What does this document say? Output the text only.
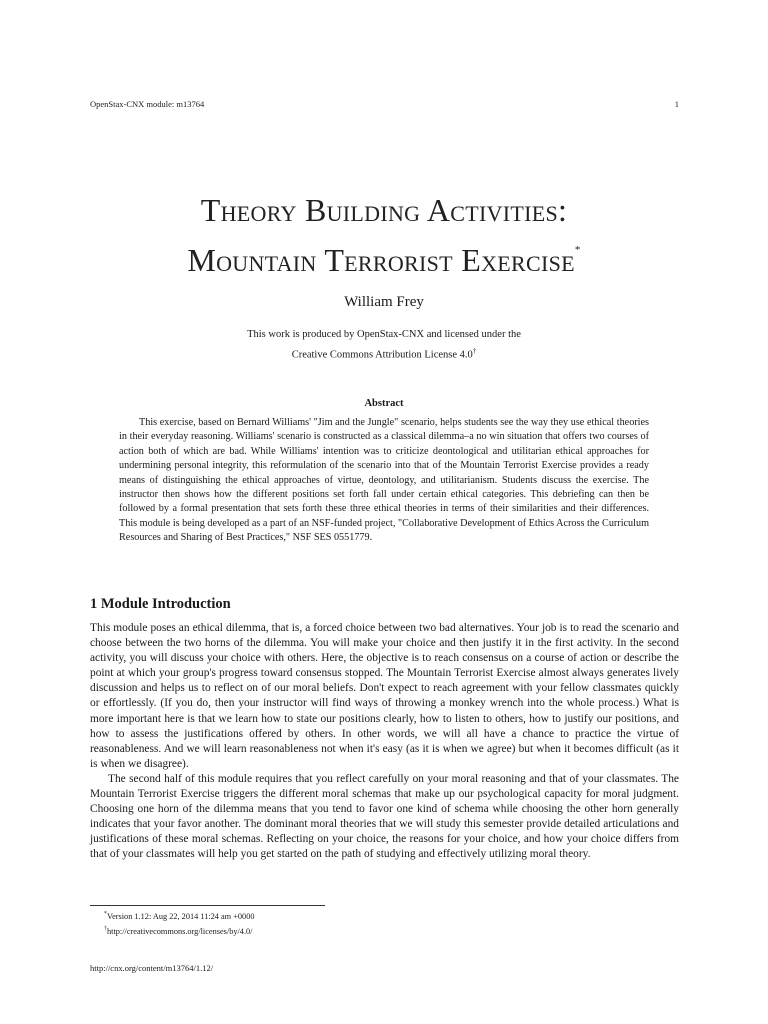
OpenStax-CNX module: m13764	1
Theory Building Activities:
Mountain Terrorist Exercise*
William Frey
This work is produced by OpenStax-CNX and licensed under the
Creative Commons Attribution License 4.0†
Abstract
This exercise, based on Bernard Williams' "Jim and the Jungle" scenario, helps students see the way they use ethical theories in their everyday reasoning. Williams' scenario is constructed as a classical dilemma–a no win situation that offers two courses of action both of which are bad. While Williams' intention was to criticize deontological and utilitarian ethical approaches for undermining personal integrity, this reformulation of the scenario into that of the Mountain Terrorist Exercise provides a ready means of distinguishing the ethical approaches of virtue, deontology, and utilitarianism. Students discuss the exercise. The instructor then shows how the different positions set forth fall under certain ethical categories. This debriefing can then be followed by a formal presentation that sets forth these three ethical theories in terms of their similarities and their differences. This module is being developed as a part of an NSF-funded project, "Collaborative Development of Ethics Across the Curriculum Resources and Sharing of Best Practices," NSF SES 0551779.
1 Module Introduction

This module poses an ethical dilemma, that is, a forced choice between two bad alternatives. Your job is to read the scenario and choose between the two horns of the dilemma. You will make your choice and then justify it in the first activity. In the second activity, you will discuss your choice with others. Here, the objective is to reach consensus on a course of action or describe the point at which your group's progress toward consensus stopped. The Mountain Terrorist Exercise almost always generates lively discussion and helps us to reflect on of our moral beliefs. Don't expect to reach agreement with your fellow classmates quickly or effortlessly. (If you do, then your instructor will find ways of throwing a monkey wrench into the whole process.) What is more important here is that we learn how to state our positions clearly, how to listen to others, how to justify our positions, and how to assess the justifications offered by others. In other words, we will all have a chance to practice the virtue of reasonableness. And we will learn reasonableness not when it's easy (as it is when we agree) but when it becomes difficult (as it is when we disagree).

The second half of this module requires that you reflect carefully on your moral reasoning and that of your classmates. The Mountain Terrorist Exercise triggers the different moral schemas that make up our psychological capacity for moral judgment. Choosing one horn of the dilemma means that you tend to favor one kind of schema while choosing the other horn generally indicates that your favor another. The dominant moral theories that we will study this semester provide detailed articulations and justifications of these moral schemas. Reflecting on your choice, the reasons for your choice, and how your choice differs from that of your classmates will help you get started on the path of studying and effectively utilizing moral theory.

*Version 1.12: Aug 22, 2014 11:24 am +0000
†http://creativecommons.org/licenses/by/4.0/
http://cnx.org/content/m13764/1.12/
